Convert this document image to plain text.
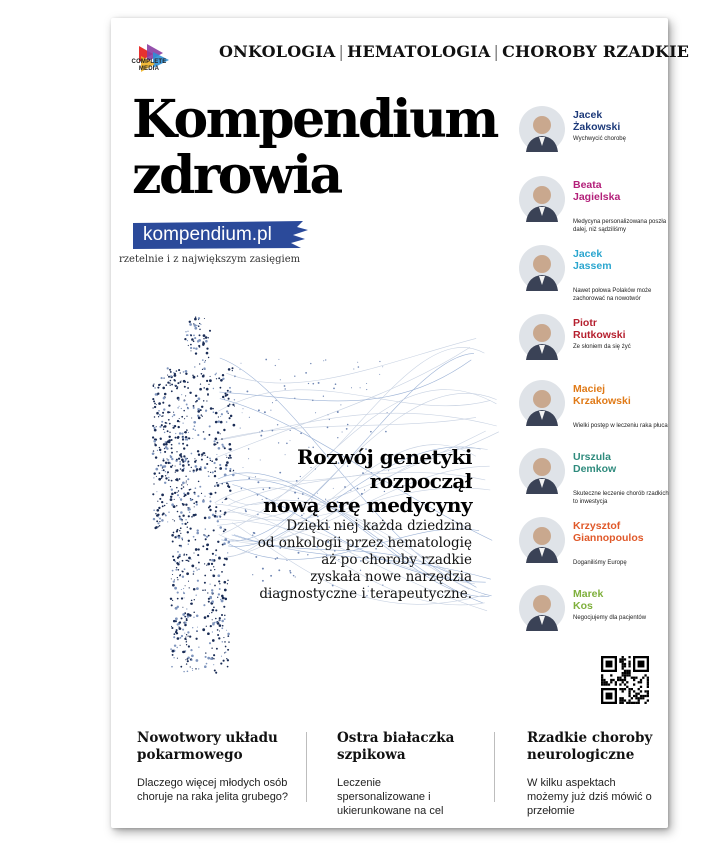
COMPLETE MEDIA
ONKOLOGIA | HEMATOLOGIA | CHOROBY RZADKIE
Kompendium
zdrowia
kompendium.pl
rzetelnie i z największym zasięgiem
Rozwój genetyki
rozpoczął
nową erę medycyny
Dzięki niej każda dziedzina
od onkologii przez hematologię
aż po choroby rzadkie
zyskała nowe narzędzia
diagnostyczne i terapeutyczne.
Jacek
Żakowski
Wychwycić chorobę
Beata
Jagielska
Medycyna personalizowana poszła dalej, niż sądziliśmy
Jacek
Jassem
Nawet połowa Polaków może zachorować na nowotwór
Piotr
Rutkowski
Ze słoniem da się żyć
Maciej
Krzakowski
Wielki postęp w leczeniu raka płuca
Urszula
Demkow
Skuteczne leczenie chorób rzadkich to inwestycja
Krzysztof
Giannopoulos
Doganiliśmy Europę
Marek
Kos
Negocjujemy dla pacjentów
Nowotwory układu pokarmowego
Dlaczego więcej młodych osób choruje na raka jelita grubego?
Ostra białaczka szpikowa
Leczenie spersonalizowane i ukierunkowane na cel
Rzadkie choroby neurologiczne
W kilku aspektach możemy już dziś mówić o przełomie
